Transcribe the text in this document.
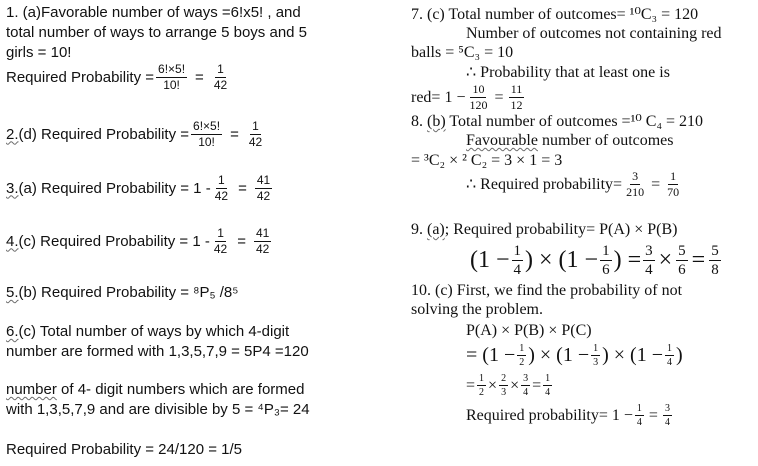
1. (a)Favorable number of ways =6!x5! , and
total number of ways to arrange 5 boys and 5
girls = 10!
Required Probability = $\frac{6!\times 5!}{10!} = \frac{1}{42}$
2. (d) Required Probability = $\frac{6!\times 5!}{10!} = \frac{1}{42}$
3. (a) Required Probability = $1 - \frac{1}{42} = \frac{41}{42}$
4. (c) Required Probability = $1 - \frac{1}{42} = \frac{41}{42}$
5.(b) Required Probability = ⁸P₅ /8⁵
6.(c) Total number of ways by which 4-digit
number are formed with 1,3,5,7,9 = 5P4 =120
number of 4- digit numbers which are formed
with 1,3,5,7,9 and are divisible by 5 = ⁴P₃= 24
Required Probability = 24/120 = 1/5
7. (c) Total number of outcomes= ¹⁰C₃ = 120
Number of outcomes not containing red
balls = ⁵C₃ = 10
∴ Probability that at least one is
$red= 1 - \frac{10}{120} = \frac{11}{12}$
8. (b) Total number of outcomes =¹⁰ C₄ = 210
Favourable number of outcomes
= ³C₂ × ² C₂ = 3 × 1 = 3
∴ Required probability= $\frac{3}{210} = \frac{1}{70}$
9. (a); Required probability= P(A) × P(B)
($1 - \frac{1}{4}$ ) × ($1 - \frac{1}{6}$ ) = $\frac{3}{4} \times \frac{5}{6} = \frac{5}{8}$
10. (c) First, we find the probability of not
solving the problem.
P(A) × P(B) × P(C)
= ($1 - \frac{1}{2}$ ) × ($1 - \frac{1}{3}$ ) × ($1 - \frac{1}{4}$ )
= $\frac{1}{2} \times \frac{2}{3} \times \frac{3}{4} = \frac{1}{4}$
Required probability= $1 - \frac{1}{4} = \frac{3}{4}$
